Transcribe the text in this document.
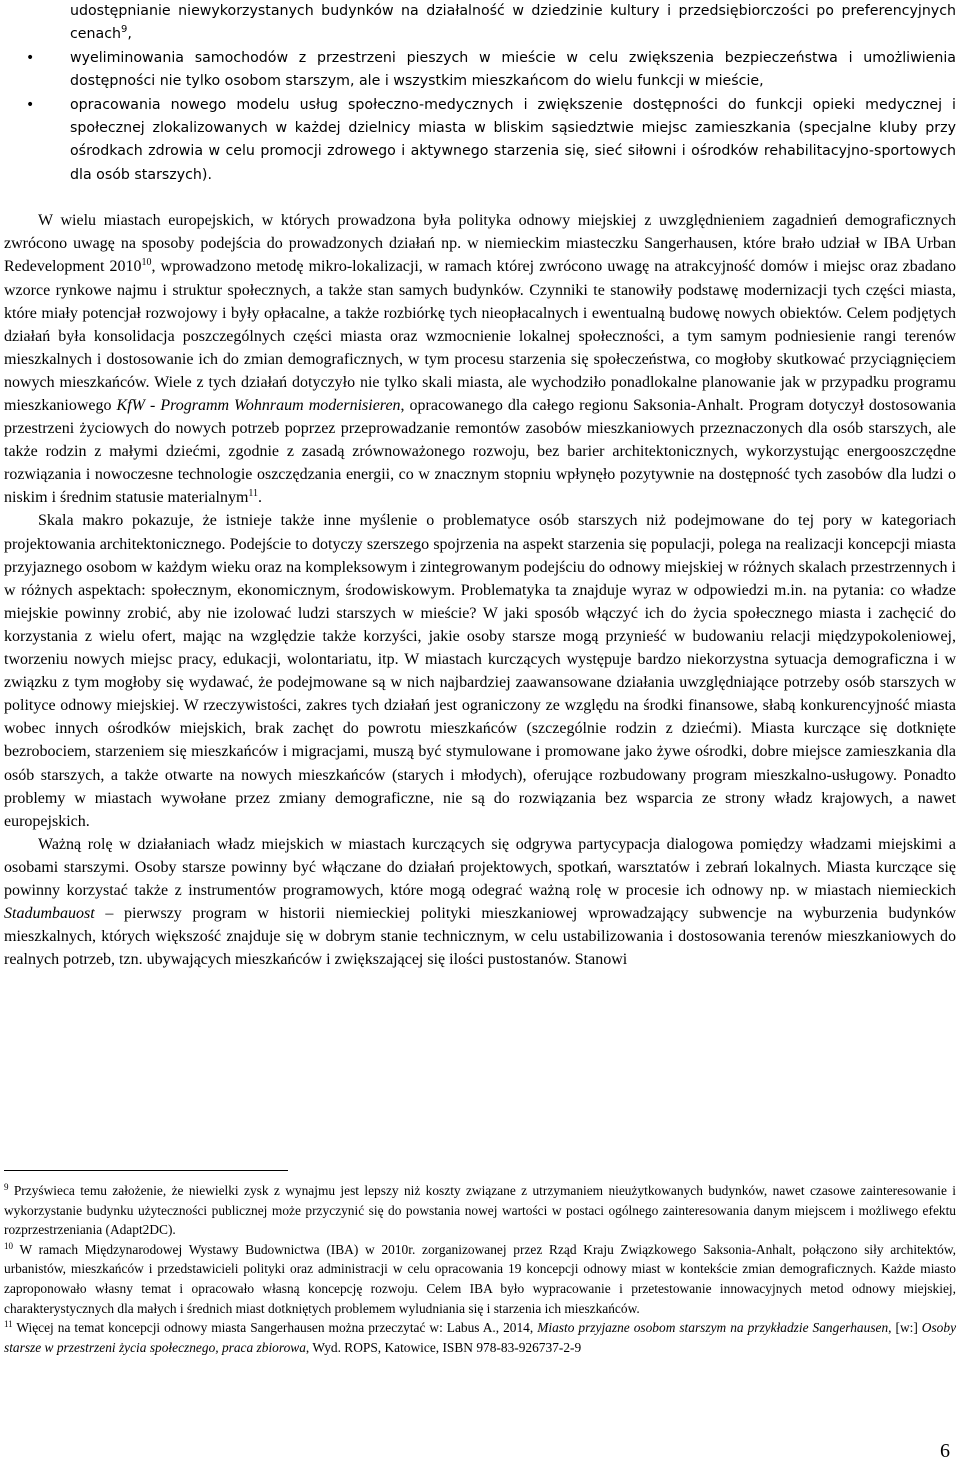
udostępnianie niewykorzystanych budynków na działalność w dziedzinie kultury i przedsiębiorczości po preferencyjnych cenach$^9$,
•	wyeliminowania samochodów z przestrzeni pieszych w mieście w celu zwiększenia bezpieczeństwa i umożliwienia dostępności nie tylko osobom starszym, ale i wszystkim mieszkańcom do wielu funkcji w mieście,
•	opracowania nowego modelu usług społeczno-medycznych i zwiększenie dostępności do funkcji opieki medycznej i społecznej zlokalizowanych w każdej dzielnicy miasta w bliskim sąsiedztwie miejsc zamieszkania (specjalne kluby przy ośrodkach zdrowia w celu promocji zdrowego i aktywnego starzenia się, sieć siłowni i ośrodków rehabilitacyjno-sportowych dla osób starszych).

W wielu miastach europejskich, w których prowadzona była polityka odnowy miejskiej z uwzględnieniem zagadnień demograficznych zwrócono uwagę na sposoby podejścia do prowadzonych działań np. w niemieckim miasteczku Sangerhausen, które brało udział w IBA Urban Redevelopment 2010$^{10}$, wprowadzono metodę mikro-lokalizacji, w ramach której zwrócono uwagę na atrakcyjność domów i miejsc oraz zbadano wzorce rynkowe najmu i struktur społecznych, a także stan samych budynków. Czynniki te stanowiły podstawę modernizacji tych części miasta, które miały potencjał rozwojowy i były opłacalne, a także rozbiórkę tych nieopłacalnych i ewentualną budowę nowych obiektów. Celem podjętych działań była konsolidacja poszczególnych części miasta oraz wzmocnienie lokalnej społeczności, a tym samym podniesienie rangi terenów mieszkalnych i dostosowanie ich do zmian demograficznych, w tym procesu starzenia się społeczeństwa, co mogłoby skutkować przyciągnięciem nowych mieszkańców. Wiele z tych działań dotyczyło nie tylko skali miasta, ale wychodziło ponadlokalne planowanie jak w przypadku programu mieszkaniowego KfW - Programm Wohnraum modernisieren, opracowanego dla całego regionu Saksonia-Anhalt. Program dotyczył dostosowania przestrzeni życiowych do nowych potrzeb poprzez przeprowadzanie remontów zasobów mieszkaniowych przeznaczonych dla osób starszych, ale także rodzin z małymi dziećmi, zgodnie z zasadą zrównoważonego rozwoju, bez barier architektonicznych, wykorzystując energooszczędne rozwiązania i nowoczesne technologie oszczędzania energii, co w znacznym stopniu wpłynęło pozytywnie na dostępność tych zasobów dla ludzi o niskim i średnim statusie materialnym$^{11}$.

Skala makro pokazuje, że istnieje także inne myślenie o problematyce osób starszych niż podejmowane do tej pory w kategoriach projektowania architektonicznego. Podejście to dotyczy szerszego spojrzenia na aspekt starzenia się populacji, polega na realizacji koncepcji miasta przyjaznego osobom w każdym wieku oraz na kompleksowym i zintegrowanym podejściu do odnowy miejskiej w różnych skalach przestrzennych i w różnych aspektach: społecznym, ekonomicznym, środowiskowym. Problematyka ta znajduje wyraz w odpowiedzi m.in. na pytania: co władze miejskie powinny zrobić, aby nie izolować ludzi starszych w mieście? W jaki sposób włączyć ich do życia społecznego miasta i zachęcić do korzystania z wielu ofert, mając na względzie także korzyści, jakie osoby starsze mogą przynieść w budowaniu relacji międzypokoleniowej, tworzeniu nowych miejsc pracy, edukacji, wolontariatu, itp. W miastach kurczących występuje bardzo niekorzystna sytuacja demograficzna i w związku z tym mogłoby się wydawać, że podejmowane są w nich najbardziej zaawansowane działania uwzględniające potrzeby osób starszych w polityce odnowy miejskiej. W rzeczywistości, zakres tych działań jest ograniczony ze względu na środki finansowe, słabą konkurencyjność miasta wobec innych ośrodków miejskich, brak zachęt do powrotu mieszkańców (szczególnie rodzin z dziećmi). Miasta kurczące się dotknięte bezrobociem, starzeniem się mieszkańców i migracjami, muszą być stymulowane i promowane jako żywe ośrodki, dobre miejsce zamieszkania dla osób starszych, a także otwarte na nowych mieszkańców (starych i młodych), oferujące rozbudowany program mieszkalno-usługowy. Ponadto problemy w miastach wywołane przez zmiany demograficzne, nie są do rozwiązania bez wsparcia ze strony władz krajowych, a nawet europejskich.

Ważną rolę w działaniach władz miejskich w miastach kurczących się odgrywa partycypacja dialogowa pomiędzy władzami miejskimi a osobami starszymi. Osoby starsze powinny być włączane do działań projektowych, spotkań, warsztatów i zebrań lokalnych. Miasta kurczące się powinny korzystać także z instrumentów programowych, które mogą odegrać ważną rolę w procesie ich odnowy np. w miastach niemieckich Stadumbauost – pierwszy program w historii niemieckiej polityki mieszkaniowej wprowadzający subwencje na wyburzenia budynków mieszkalnych, których większość znajduje się w dobrym stanie technicznym, w celu ustabilizowania i dostosowania terenów mieszkaniowych do realnych potrzeb, tzn. ubywających mieszkańców i zwiększającej się ilości pustostanów. Stanowi

$^9$ Przyświeca temu założenie, że niewielki zysk z wynajmu jest lepszy niż koszty związane z utrzymaniem nieużytkowanych budynków, nawet czasowe zainteresowanie i wykorzystanie budynku użyteczności publicznej może przyczynić się do powstania nowej wartości w postaci ogólnego zainteresowania danym miejscem i możliwego efektu rozprzestrzeniania (Adapt2DC).

$^{10}$ W ramach Międzynarodowej Wystawy Budownictwa (IBA) w 2010r. zorganizowanej przez Rząd Kraju Związkowego Saksonia-Anhalt, połączono siły architektów, urbanistów, mieszkańców i przedstawicieli polityki oraz administracji w celu opracowania 19 koncepcji odnowy miast w kontekście zmian demograficznych. Każde miasto zaproponowało własny temat i opracowało własną koncepcję rozwoju. Celem IBA było wypracowanie i przetestowanie innowacyjnych metod odnowy miejskiej, charakterystycznych dla małych i średnich miast dotkniętych problemem wyludniania się i starzenia ich mieszkańców.

$^{11}$ Więcej na temat koncepcji odnowy miasta Sangerhausen można przeczytać w: Labus A., 2014, Miasto przyjazne osobom starszym na przykładzie Sangerhausen, [w:] Osoby starsze w przestrzeni życia społecznego, praca zbiorowa, Wyd. ROPS, Katowice, ISBN 978-83-926737-2-9

6
